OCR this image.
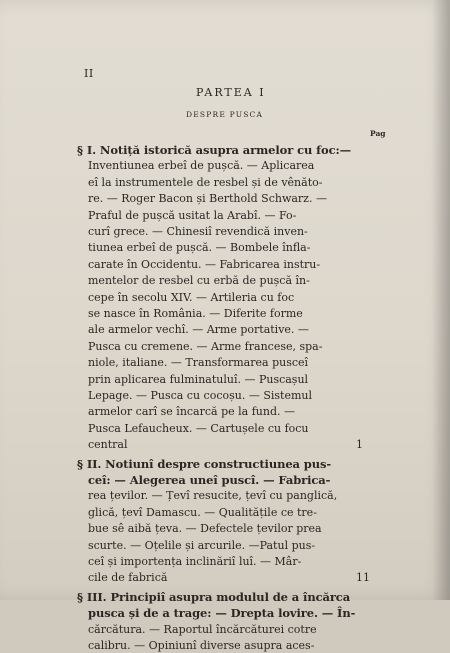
II
PARTEA I
DESPRE PUSCA
Pag
§ I. Notiță istorică asupra armelor cu foc:—
Inventiunea erbeî de pușcă. — Aplicarea
eî la instrumentele de resbel și de vênăto-
re. — Roger Bacon și Berthold Schwarz. —
Praful de pușcă usitat la Arabî. — Fo-
curî grece. — Chinesiî revendică inven-
tiunea erbeî de pușcă. — Bombele înfla-
carate în Occidentu. — Fabricarea instru-
mentelor de resbel cu erbă de pușcă în-
cepe în secolu XIV. — Artileria cu foc
se nasce în România. — Diferite forme
ale armelor vechî. — Arme portative. —
Pusca cu cremene. — Arme francese, spa-
niole, italiane. — Transformarea pusceî
prin aplicarea fulminatuluî. — Puscașul
Lepage. — Pusca cu cocoșu. — Sistemul
armelor carî se încarcă pe la fund. —
Pusca Lefaucheux. — Cartușele cu focu
central	1
§ II. Notiunî despre constructiunea pus-
ceî: — Alegerea uneî puscî. — Fabrica-
rea țevilor. — Țevî resucite, țevî cu panglică,
glică, țevî Damascu. — Qualitățile ce tre-
bue sê aibă țeva. — Defectele țevilor prea
scurte. — Oțelile și arcurile. —Patul pus-
ceî și importența inclinăriî luî. — Mâr-
cile de fabrică	11
§ III. Principiî asupra modulul de a încărca
pusca și de a trage: — Drepta lovire. — În-
cărcătura. — Raportul încărcăturei cotre
calibru. — Opiniunî diverse asupra aces-
